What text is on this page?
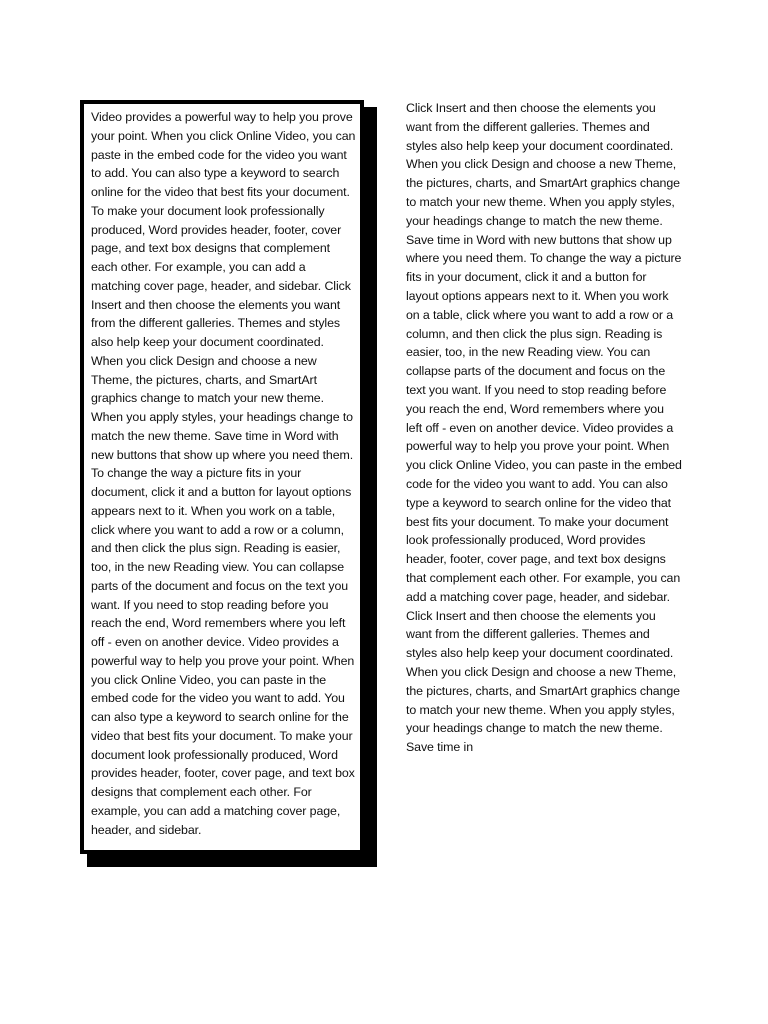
Video provides a powerful way to help you prove your point. When you click Online Video, you can paste in the embed code for the video you want to add. You can also type a keyword to search online for the video that best fits your document. To make your document look professionally produced, Word provides header, footer, cover page, and text box designs that complement each other. For example, you can add a matching cover page, header, and sidebar. Click Insert and then choose the elements you want from the different galleries. Themes and styles also help keep your document coordinated. When you click Design and choose a new Theme, the pictures, charts, and SmartArt graphics change to match your new theme. When you apply styles, your headings change to match the new theme. Save time in Word with new buttons that show up where you need them. To change the way a picture fits in your document, click it and a button for layout options appears next to it. When you work on a table, click where you want to add a row or a column, and then click the plus sign. Reading is easier, too, in the new Reading view. You can collapse parts of the document and focus on the text you want. If you need to stop reading before you reach the end, Word remembers where you left off - even on another device. Video provides a powerful way to help you prove your point. When you click Online Video, you can paste in the embed code for the video you want to add. You can also type a keyword to search online for the video that best fits your document. To make your document look professionally produced, Word provides header, footer, cover page, and text box designs that complement each other. For example, you can add a matching cover page, header, and sidebar.
Click Insert and then choose the elements you want from the different galleries. Themes and styles also help keep your document coordinated. When you click Design and choose a new Theme, the pictures, charts, and SmartArt graphics change to match your new theme. When you apply styles, your headings change to match the new theme. Save time in Word with new buttons that show up where you need them. To change the way a picture fits in your document, click it and a button for layout options appears next to it. When you work on a table, click where you want to add a row or a column, and then click the plus sign. Reading is easier, too, in the new Reading view. You can collapse parts of the document and focus on the text you want. If you need to stop reading before you reach the end, Word remembers where you left off - even on another device. Video provides a powerful way to help you prove your point. When you click Online Video, you can paste in the embed code for the video you want to add. You can also type a keyword to search online for the video that best fits your document. To make your document look professionally produced, Word provides header, footer, cover page, and text box designs that complement each other. For example, you can add a matching cover page, header, and sidebar. Click Insert and then choose the elements you want from the different galleries. Themes and styles also help keep your document coordinated. When you click Design and choose a new Theme, the pictures, charts, and SmartArt graphics change to match your new theme. When you apply styles, your headings change to match the new theme. Save time in
